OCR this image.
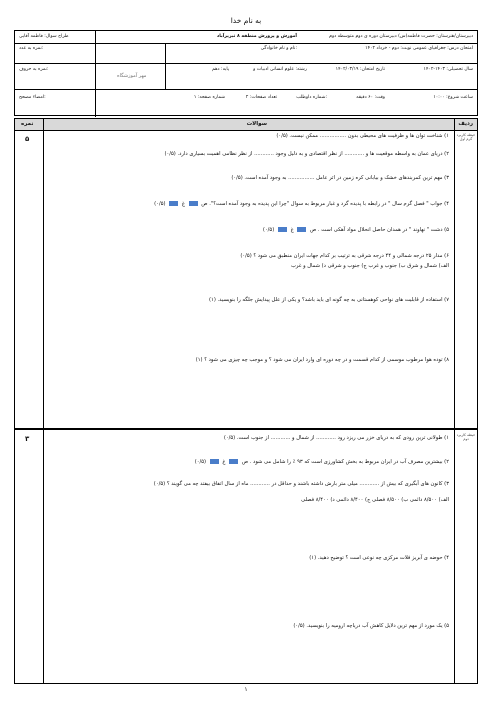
به نام خدا
دبیرستان/هنرستان: حضرت فاطمه(س) دبیرستان دوره ی دوم متوسطه دوم
آموزش و پرورش منطقه ۸ تبریزآباد
طراح سوال: فاطمه آقایی
امتحان درس: جغرافیای عمومی نوبت: دوم - خرداد ۱۴۰۲
نام و نام خانوادگی:
نمره به عدد:
سال تحصیلی: ۱۴۰۳-۱۴۰۲
تاریخ امتحان: ۱۴۰۲/۰۳/۱۹
رشته: علوم انسانی ادبیات و
پایه: دهم
نمره به حروف:
ساعت شروع: ۱۰:۰۰
وقت: ۶۰ دقیقه
شماره داوطلب:
تعداد صفحات: ۲
شماره صفحه: ۱
امضاء مصحح:
مهر آموزشگاه
ردیف
سوالات
نمره
۵	حیطه کاربرد گرم اول
۱) شناخت توان ها و ظرفیت های محیطی بدون ................ ممکن نیست. (۰/۵)
۲) دریای عمان به واسطه موقعیت ها و ............ از نظر اقتصادی و به دلیل وجود ............ از نظر نظامی اهمیت بسیاری دارد. (۰/۵)
۳) مهم ترین کمربندهای خشک و بیابانی کره زمین در اثر عامل ................ به وجود آمده است. (۰/۵)
۴) جواب " فصل گرم سال " در رابطه با پدیده گرد و غبار مربوط به سوال "چرا این پدیده به وجود آمده است؟". ص  غ  (۰/۵)
۵) دشت " نهاوند " در همدان حاصل انحلال مواد آهکی است . ص  غ  (۰/۵)
۶) مدار ۲۵ درجه شمالی و ۴۴ درجه شرقی به ترتیب بر کدام جهات ایران منطبق می شود ؟ (۰/۵)
الف) شمال و شرق ب) جنوب و غرب ج) جنوب و شرقی د) شمال و غرب
۷) استفاده از قابلیت های نواحی کوهستانی به چه گونه ای باید باشد؟ و یکی از علل پیدایش جلگه را بنویسید. (۱)
۸) توده هوا مرطوب موسمی از کدام قسمت و در چه دوره ای وارد ایران می شود ؟ و موجب چه چیزی می شود ؟ (۱)
۳	حیطه کاربرد دوم
۱) طولانی ترین رودی که به دریای خزر می ریزد رود ............ از شمال و ............ از جنوب است. (۰/۵)
۲) بیشترین مصرف آب در ایران مربوط به بخش کشاورزی است که ۹۳ ٪ را شامل می شود . ص  غ  (۰/۵)
۳) کانون های آبگیری که بیش از ............ میلی متر بارش داشته باشند و حداقل در ............ ماه از سال اتفاق بیفتد چه می گویند ؟ (۰/۵)
الف) ۸/۵۰۰ دائمی ب) ۸/۵۰۰ فصلی ج) ۸/۴۰۰ دائمی د) ۸/۴۰۰ فصلی
۴) حوضه ی آبریز فلات مرکزی چه نوعی است ؟ توضیح دهید. (۱)
۵) یک مورد از مهم ترین دلایل کاهش آب دریاچه ارومیه را بنویسید. (۰/۵)
۱
